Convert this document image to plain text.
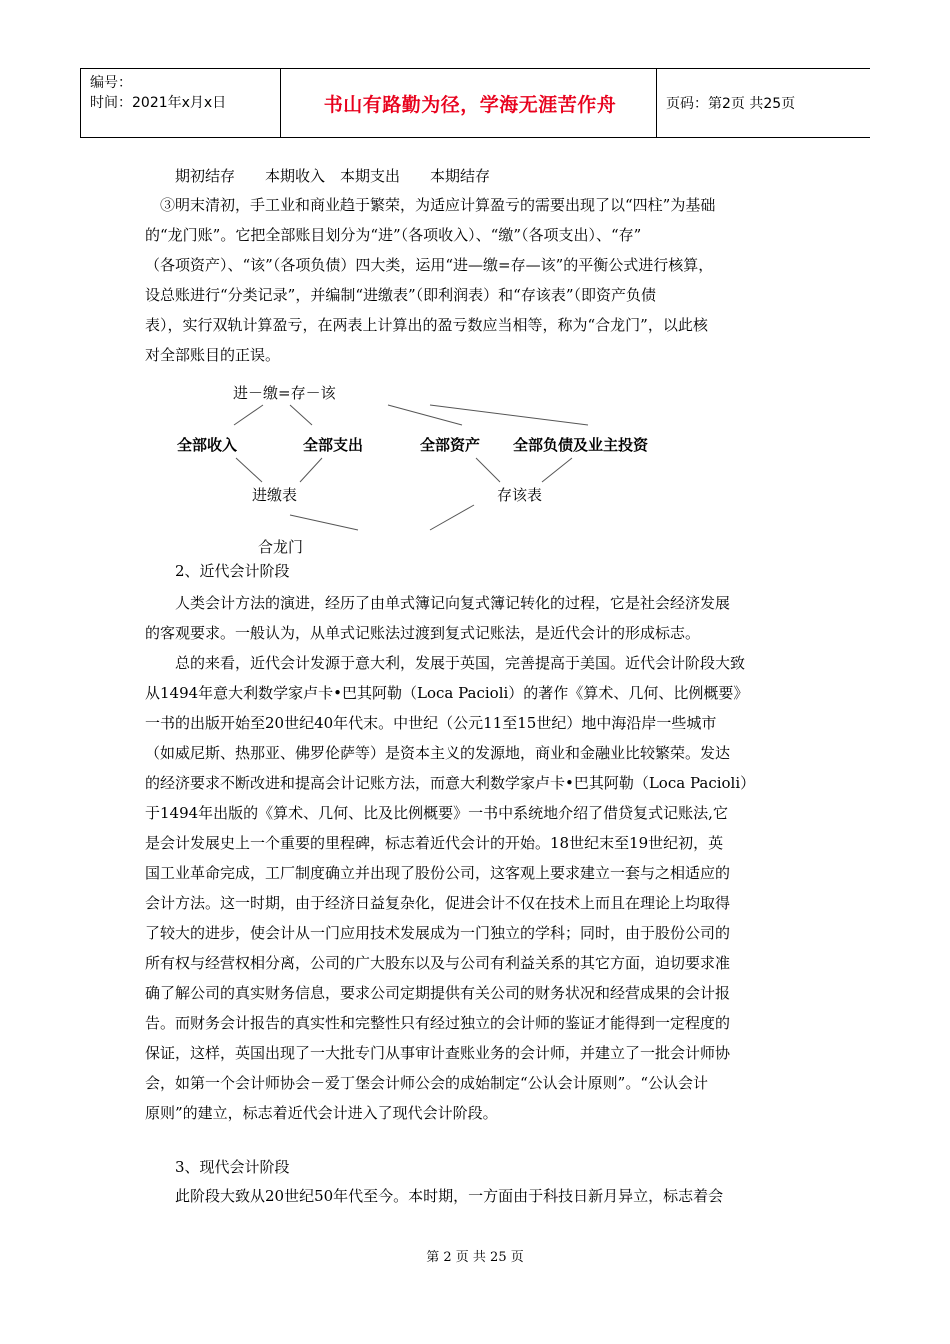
编号：
时间：2021年x月x日	书山有路勤为径，学海无涯苦作舟	页码：第2页 共25页
期初结存　　本期收入　本期支出　　本期结存
　③明末清初，手工业和商业趋于繁荣，为适应计算盈亏的需要出现了以“四柱”为基础
的“龙门账”。它把全部账目划分为“进”（各项收入）、“缴”（各项支出）、“存”
（各项资产）、“该”（各项负债）四大类，运用“进—缴=存—该”的平衡公式进行核算，
设总账进行“分类记录”，并编制“进缴表”（即利润表）和“存该表”（即资产负债
表），实行双轨计算盈亏，在两表上计算出的盈亏数应当相等，称为“合龙门”，以此核
对全部账目的正误。
进－缴=存－该
全部收入	全部支出	全部资产 全部负债及业主投资
进缴表	存该表
合龙门
2、近代会计阶段
　　人类会计方法的演进，经历了由单式簿记向复式簿记转化的过程，它是社会经济发展
的客观要求。一般认为，从单式记账法过渡到复式记账法，是近代会计的形成标志。
　　总的来看，近代会计发源于意大利，发展于英国，完善提高于美国。近代会计阶段大致
从1494年意大利数学家卢卡•巴其阿勒（Loca Pacioli）的著作《算术、几何、比例概要》
一书的出版开始至20世纪40年代末。中世纪（公元11至15世纪）地中海沿岸一些城市
（如威尼斯、热那亚、佛罗伦萨等）是资本主义的发源地，商业和金融业比较繁荣。发达
的经济要求不断改进和提高会计记账方法，而意大利数学家卢卡•巴其阿勒（Loca Pacioli）
于1494年出版的《算术、几何、比及比例概要》一书中系统地介绍了借贷复式记账法,它
是会计发展史上一个重要的里程碑，标志着近代会计的开始。18世纪末至19世纪初，英
国工业革命完成，工厂制度确立并出现了股份公司，这客观上要求建立一套与之相适应的
会计方法。这一时期，由于经济日益复杂化，促进会计不仅在技术上而且在理论上均取得
了较大的进步，使会计从一门应用技术发展成为一门独立的学科；同时，由于股份公司的
所有权与经营权相分离，公司的广大股东以及与公司有利益关系的其它方面，迫切要求准
确了解公司的真实财务信息，要求公司定期提供有关公司的财务状况和经营成果的会计报
告。而财务会计报告的真实性和完整性只有经过独立的会计师的鉴证才能得到一定程度的
保证，这样，英国出现了一大批专门从事审计查账业务的会计师，并建立了一批会计师协
会，如第一个会计师协会－爱丁堡会计师公会的成始制定“公认会计原则”。“公认会计
原则”的建立，标志着近代会计进入了现代会计阶段。
3、现代会计阶段
　　此阶段大致从20世纪50年代至今。本时期，一方面由于科技日新月异立，标志着会
第 2 页 共 25 页
